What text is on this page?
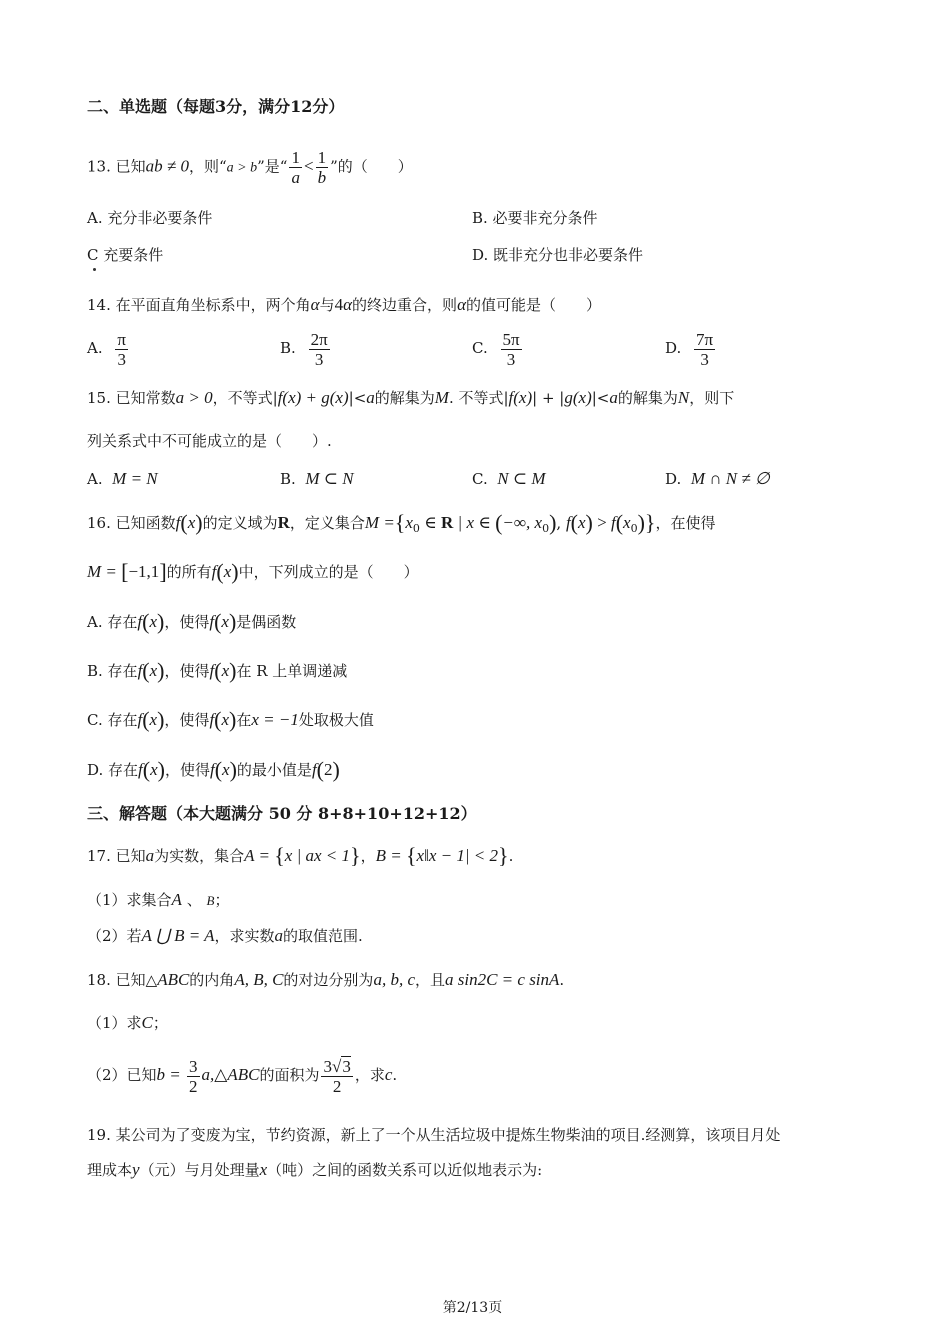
二、单选题（每题3分，满分12分）
13. 已知ab ≠ 0，则“a > b”是“ $\frac{1}{a} < \frac{1}{b}$ ”的（　　）
A. 充分非必要条件	B. 必要非充分条件
C 充要条件	D. 既非充分也非必要条件
14. 在平面直角坐标系中，两个角α与4α的终边重合，则α的值可能是（　　）
A. $\frac{\pi}{3}$	B. $\frac{2\pi}{3}$	C. $\frac{5\pi}{3}$	D. $\frac{7\pi}{3}$
15. 已知常数a > 0，不等式|f(x) + g(x)|<a的解集为M. 不等式|f(x)| + |g(x)|<a的解集为N，则下
列关系式中不可能成立的是（　　）.
A. M = N	B. M ⊂ N	C. N ⊂ M	D. M ∩ N ≠ ∅
16. 已知函数f(x)的定义域为R，定义集合$M =\{x_0$ ∈ R | x ∈ (−∞, $x_0$), $f(x) > f(x_0)$}，在使得
M = [−1,1]的所有f(x)中，下列成立的是（　　）
A. 存在f(x)，使得f(x)是偶函数
B. 存在f(x)，使得f(x)在 R 上单调递减
C. 存在f(x)，使得f(x)在x = −1处取极大值
D. 存在f(x)，使得f(x)的最小值是f(2)
三、解答题（本大题满分 50 分 8+8+10+12+12）
17. 已知a为实数，集合A = {x | ax < 1}，B = {x‖x − 1| < 2}.
（1）求集合A 、 B；
（2）若A ⋃ B = A，求实数a的取值范围.
18. 已知△ABC的内角A, B, C的对边分别为a, b, c，且a sin2C = c sinA.
（1）求C；
（2）已知$b = \frac{3}{2}$ a,△ABC的面积为 $\frac{3√3}{2}$ ，求c.
19. 某公司为了变废为宝，节约资源，新上了一个从生活垃圾中提炼生物柴油的项目.经测算，该项目月处
理成本y（元）与月处理量x（吨）之间的函数关系可以近似地表示为:
第2/13页
